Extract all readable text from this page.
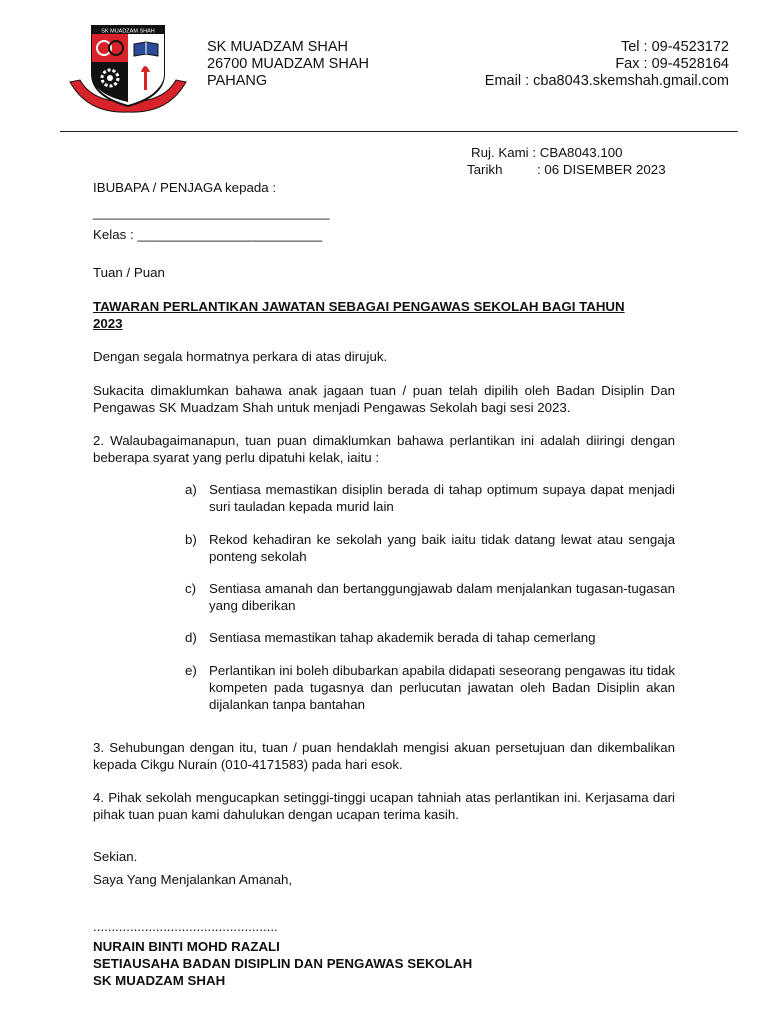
SK MUADZAM SHAH
SK MUADZAM SHAH
26700 MUADZAM SHAH
PAHANG
Tel : 09-4523172
Fax : 09-4528164
Email : cba8043.skemshah.gmail.com
Ruj. Kami : CBA8043.100
Tarikh	: 06 DISEMBER 2023
IBUBAPA / PENJAGA kepada :
________________________________
Kelas : _________________________
Tuan / Puan
TAWARAN PERLANTIKAN JAWATAN SEBAGAI PENGAWAS SEKOLAH BAGI TAHUN
2023
Dengan segala hormatnya perkara di atas dirujuk.
Sukacita dimaklumkan bahawa anak jagaan tuan / puan telah dipilih oleh Badan Disiplin Dan Pengawas SK Muadzam Shah untuk menjadi Pengawas Sekolah bagi sesi 2023.
2. Walaubagaimanapun, tuan puan dimaklumkan bahawa perlantikan ini adalah diiringi dengan beberapa syarat yang perlu dipatuhi kelak, iaitu :
a) Sentiasa memastikan disiplin berada di tahap optimum supaya dapat menjadi suri tauladan kepada murid lain
b) Rekod kehadiran ke sekolah yang baik iaitu tidak datang lewat atau sengaja ponteng sekolah
c) Sentiasa amanah dan bertanggungjawab dalam menjalankan tugasan-tugasan yang diberikan
d) Sentiasa memastikan tahap akademik berada di tahap cemerlang
e) Perlantikan ini boleh dibubarkan apabila didapati seseorang pengawas itu tidak kompeten pada tugasnya dan perlucutan jawatan oleh Badan Disiplin akan dijalankan tanpa bantahan
3. Sehubungan dengan itu, tuan / puan hendaklah mengisi akuan persetujuan dan dikembalikan kepada Cikgu Nurain (010-4171583) pada hari esok.
4. Pihak sekolah mengucapkan setinggi-tinggi ucapan tahniah atas perlantikan ini. Kerjasama dari pihak tuan puan kami dahulukan dengan ucapan terima kasih.
Sekian.
Saya Yang Menjalankan Amanah,
..................................................
NURAIN BINTI MOHD RAZALI
SETIAUSAHA BADAN DISIPLIN DAN PENGAWAS SEKOLAH
SK MUADZAM SHAH
